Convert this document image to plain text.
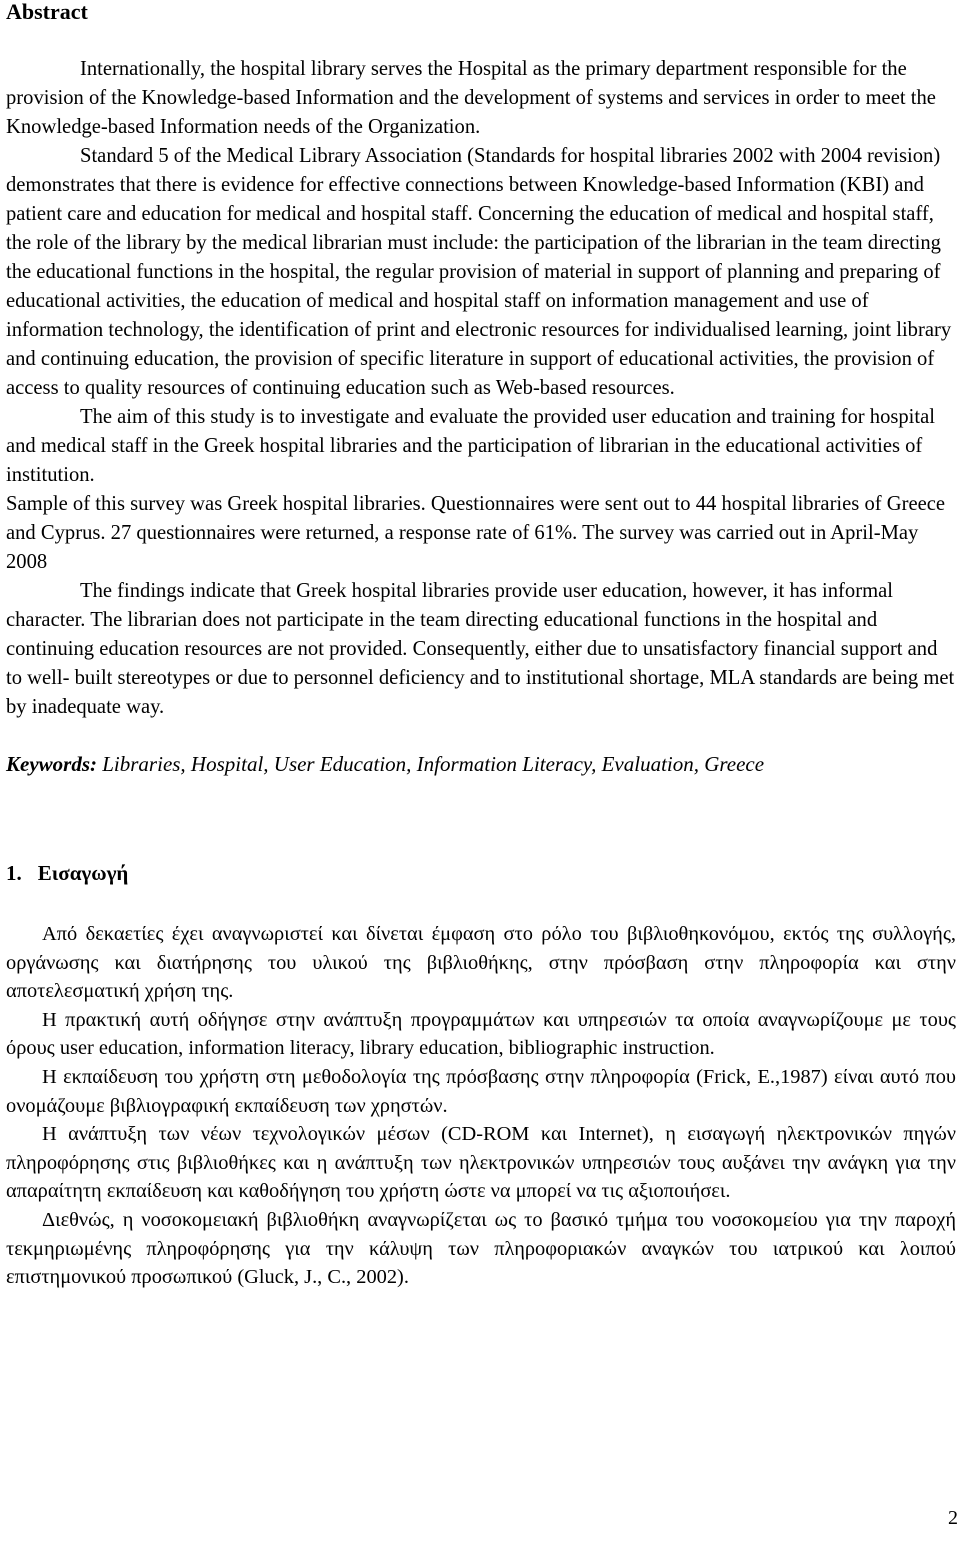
Abstract

Internationally, the hospital library serves the Hospital as the primary department responsible for the provision of the Knowledge-based Information and the development of systems and services in order to meet the Knowledge-based Information needs of the Organization.

Standard 5 of the Medical Library Association (Standards for hospital libraries 2002 with 2004 revision) demonstrates that there is evidence for effective connections between Knowledge-based Information (KBI) and patient care and education for medical and hospital staff. Concerning the education of medical and hospital staff, the role of the library by the medical librarian must include: the participation of the librarian in the team directing the educational functions in the hospital, the regular provision of material in support of planning and preparing of educational activities, the education of medical and hospital staff on information management and use of information technology, the identification of print and electronic resources for individualised learning, joint library and continuing education, the provision of specific literature in support of educational activities, the provision of access to quality resources of continuing education such as Web-based resources.

The aim of this study is to investigate and evaluate the provided user education and training for hospital and medical staff in the Greek hospital libraries and the participation of librarian in the educational activities of institution.

Sample of this survey was Greek hospital libraries. Questionnaires were sent out to 44 hospital libraries of Greece and Cyprus. 27 questionnaires were returned, a response rate of 61%. The survey was carried out in April-May 2008

The findings indicate that Greek hospital libraries provide user education, however, it has informal character. The librarian does not participate in the team directing educational functions in the hospital and continuing education resources are not provided. Consequently, either due to unsatisfactory financial support and to well- built stereotypes or due to personnel deficiency and to institutional shortage, MLA standards are being met by inadequate way.

Keywords: Libraries, Hospital, User Education, Information Literacy, Evaluation, Greece
1. Εισαγωγή

Από δεκαετίες έχει αναγνωριστεί και δίνεται έμφαση στο ρόλο του βιβλιοθηκονόμου, εκτός της συλλογής, οργάνωσης και διατήρησης του υλικού της βιβλιοθήκης, στην πρόσβαση στην πληροφορία και στην αποτελεσματική χρήση της.

Η πρακτική αυτή οδήγησε στην ανάπτυξη προγραμμάτων και υπηρεσιών τα οποία αναγνωρίζουμε με τους όρους user education, information literacy, library education, bibliographic instruction.

Η εκπαίδευση του χρήστη στη μεθοδολογία της πρόσβασης στην πληροφορία (Frick, E.,1987) είναι αυτό που ονομάζουμε βιβλιογραφική εκπαίδευση των χρηστών.

Η ανάπτυξη των νέων τεχνολογικών μέσων (CD-ROM και Internet), η εισαγωγή ηλεκτρονικών πηγών πληροφόρησης στις βιβλιοθήκες και η ανάπτυξη των ηλεκτρονικών υπηρεσιών τους αυξάνει την ανάγκη για την απαραίτητη εκπαίδευση και καθοδήγηση του χρήστη ώστε να μπορεί να τις αξιοποιήσει.

Διεθνώς, η νοσοκομειακή βιβλιοθήκη αναγνωρίζεται ως το βασικό τμήμα του νοσοκομείου για την παροχή τεκμηριωμένης πληροφόρησης για την κάλυψη των πληροφοριακών αναγκών του ιατρικού και λοιπού επιστημονικού προσωπικού (Gluck, J., C., 2002).

2
